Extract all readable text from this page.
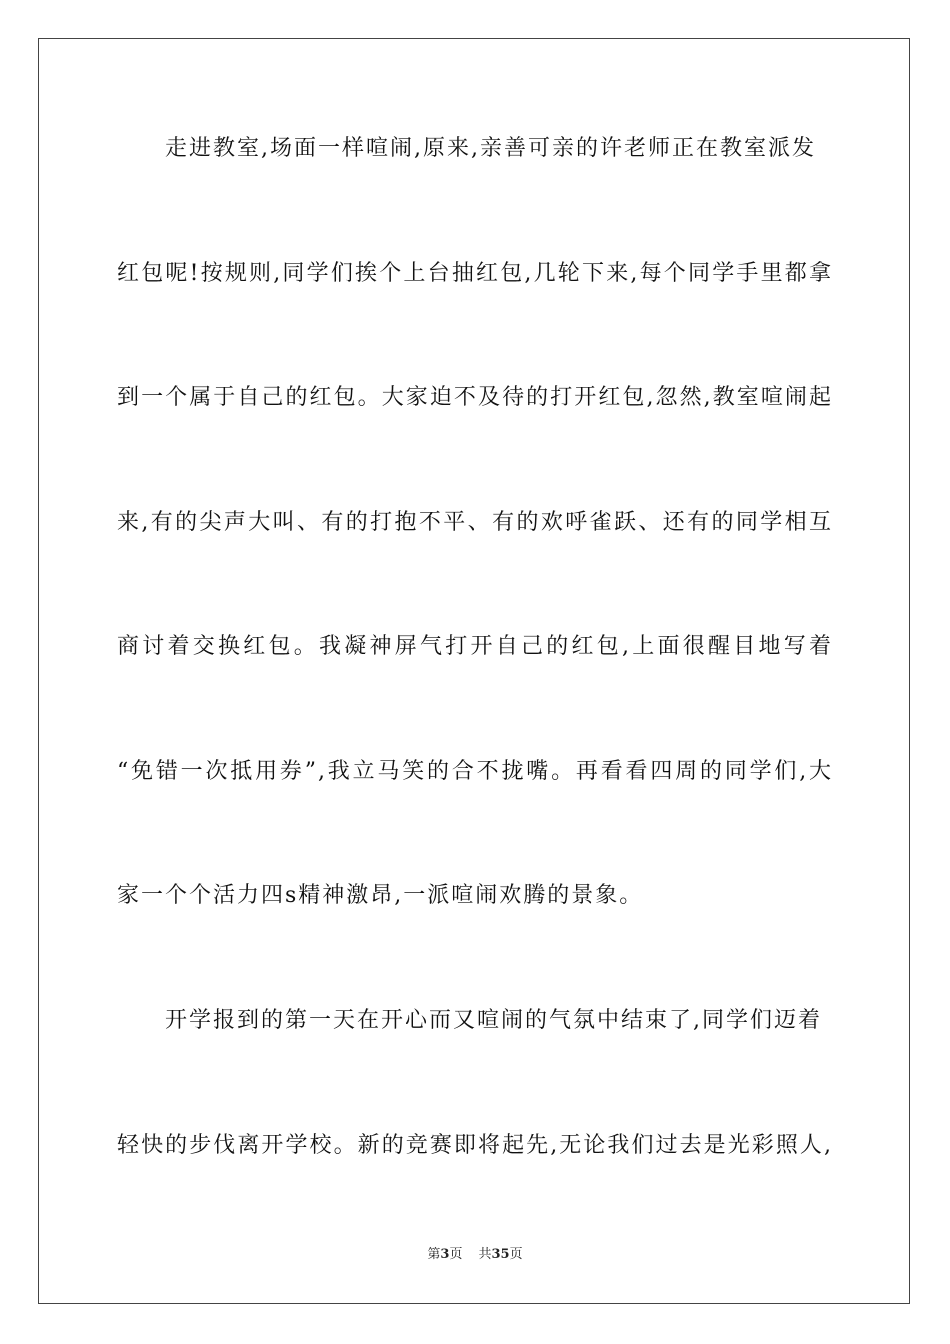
走进教室,场面一样喧闹,原来,亲善可亲的许老师正在教室派发
红包呢!按规则,同学们挨个上台抽红包,几轮下来,每个同学手里都拿
到一个属于自己的红包。大家迫不及待的打开红包,忽然,教室喧闹起
来,有的尖声大叫、有的打抱不平、有的欢呼雀跃、还有的同学相互
商讨着交换红包。我凝神屏气打开自己的红包,上面很醒目地写着
“免错一次抵用券”,我立马笑的合不拢嘴。再看看四周的同学们,大
家一个个活力四s精神激昂,一派喧闹欢腾的景象。
开学报到的第一天在开心而又喧闹的气氛中结束了,同学们迈着
轻快的步伐离开学校。新的竞赛即将起先,无论我们过去是光彩照人,
第3页 共35页
